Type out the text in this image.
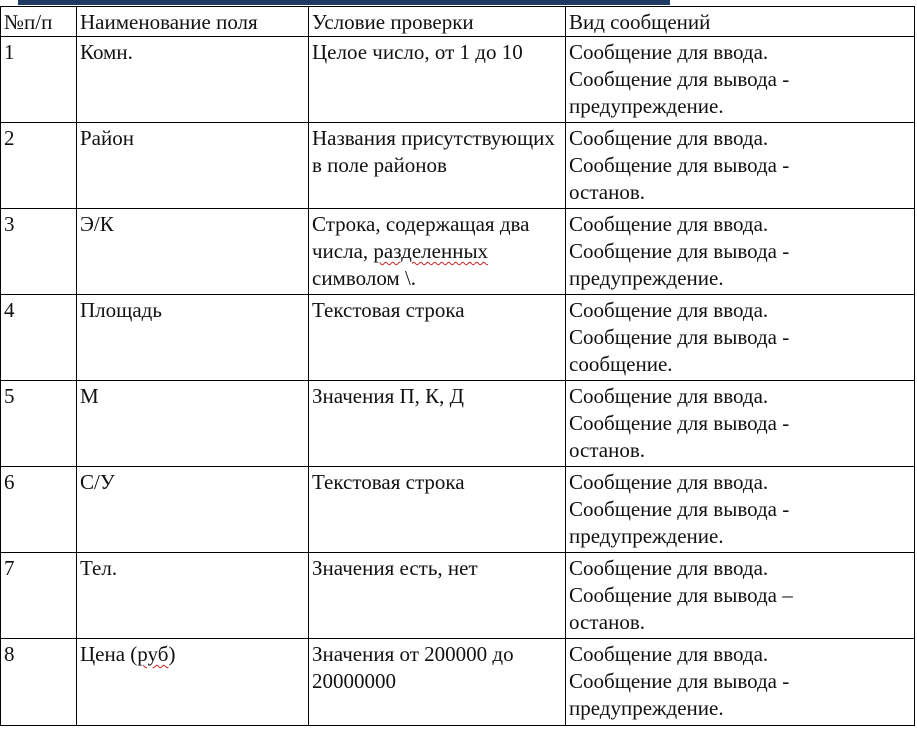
№п/п	Наименование поля	Условие проверки	Вид сообщений
1	Комн.	Целое число, от 1 до 10	Сообщение для ввода.
Сообщение для вывода -
предупреждение.

2	Район	Названия присутствующих в поле районов	Сообщение для ввода.
Сообщение для вывода -
останов.

3	Э/К	Строка, содержащая два числа, разделенных символом \.	Сообщение для ввода.
Сообщение для вывода -
предупреждение.

4	Площадь	Текстовая строка	Сообщение для ввода.
Сообщение для вывода -
сообщение.

5	М	Значения П, К, Д	Сообщение для ввода.
Сообщение для вывода -
останов.

6	С/У	Текстовая строка	Сообщение для ввода.
Сообщение для вывода -
предупреждение.

7	Тел.	Значения есть, нет	Сообщение для ввода.
Сообщение для вывода –
останов.

8	Цена (руб)	Значения от 200000 до 20000000	Сообщение для ввода.
Сообщение для вывода -
предупреждение.
